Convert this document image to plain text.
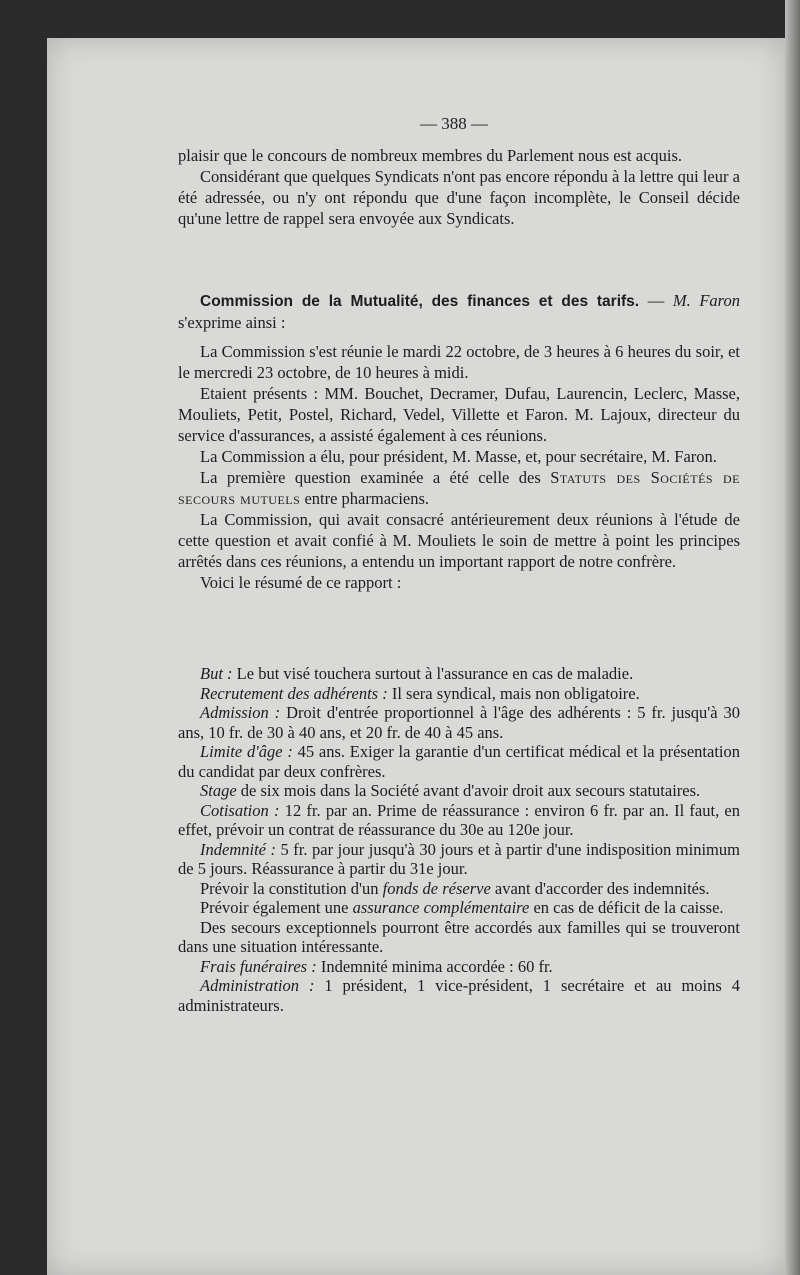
— 388 —

plaisir que le concours de nombreux membres du Parlement nous est acquis.

Considérant que quelques Syndicats n'ont pas encore répondu à la lettre qui leur a été adressée, ou n'y ont répondu que d'une façon incomplète, le Conseil décide qu'une lettre de rappel sera envoyée aux Syndicats.

Commission de la Mutualité, des finances et des tarifs. — M. Faron s'exprime ainsi :

La Commission s'est réunie le mardi 22 octobre, de 3 heures à 6 heures du soir, et le mercredi 23 octobre, de 10 heures à midi.

Etaient présents : MM. Bouchet, Decramer, Dufau, Laurencin, Leclerc, Masse, Mouliets, Petit, Postel, Richard, Vedel, Villette et Faron. M. Lajoux, directeur du service d'assurances, a assisté également à ces réunions.

La Commission a élu, pour président, M. Masse, et, pour secrétaire, M. Faron.

La première question examinée a été celle des Statuts des Sociétés de secours mutuels entre pharmaciens.

La Commission, qui avait consacré antérieurement deux réunions à l'étude de cette question et avait confié à M. Mouliets le soin de mettre à point les principes arrêtés dans ces réunions, a entendu un important rapport de notre confrère.

Voici le résumé de ce rapport :

But : Le but visé touchera surtout à l'assurance en cas de maladie.

Recrutement des adhérents : Il sera syndical, mais non obligatoire.

Admission : Droit d'entrée proportionnel à l'âge des adhérents : 5 fr. jusqu'à 30 ans, 10 fr. de 30 à 40 ans, et 20 fr. de 40 à 45 ans.

Limite d'âge : 45 ans. Exiger la garantie d'un certificat médical et la présentation du candidat par deux confrères.

Stage de six mois dans la Société avant d'avoir droit aux secours statutaires.

Cotisation : 12 fr. par an. Prime de réassurance : environ 6 fr. par an. Il faut, en effet, prévoir un contrat de réassurance du 30e au 120e jour.

Indemnité : 5 fr. par jour jusqu'à 30 jours et à partir d'une indisposition minimum de 5 jours. Réassurance à partir du 31e jour.

Prévoir la constitution d'un fonds de réserve avant d'accorder des indemnités.

Prévoir également une assurance complémentaire en cas de déficit de la caisse.

Des secours exceptionnels pourront être accordés aux familles qui se trouveront dans une situation intéressante.

Frais funéraires : Indemnité minima accordée : 60 fr.

Administration : 1 président, 1 vice-président, 1 secrétaire et au moins 4 administrateurs.
